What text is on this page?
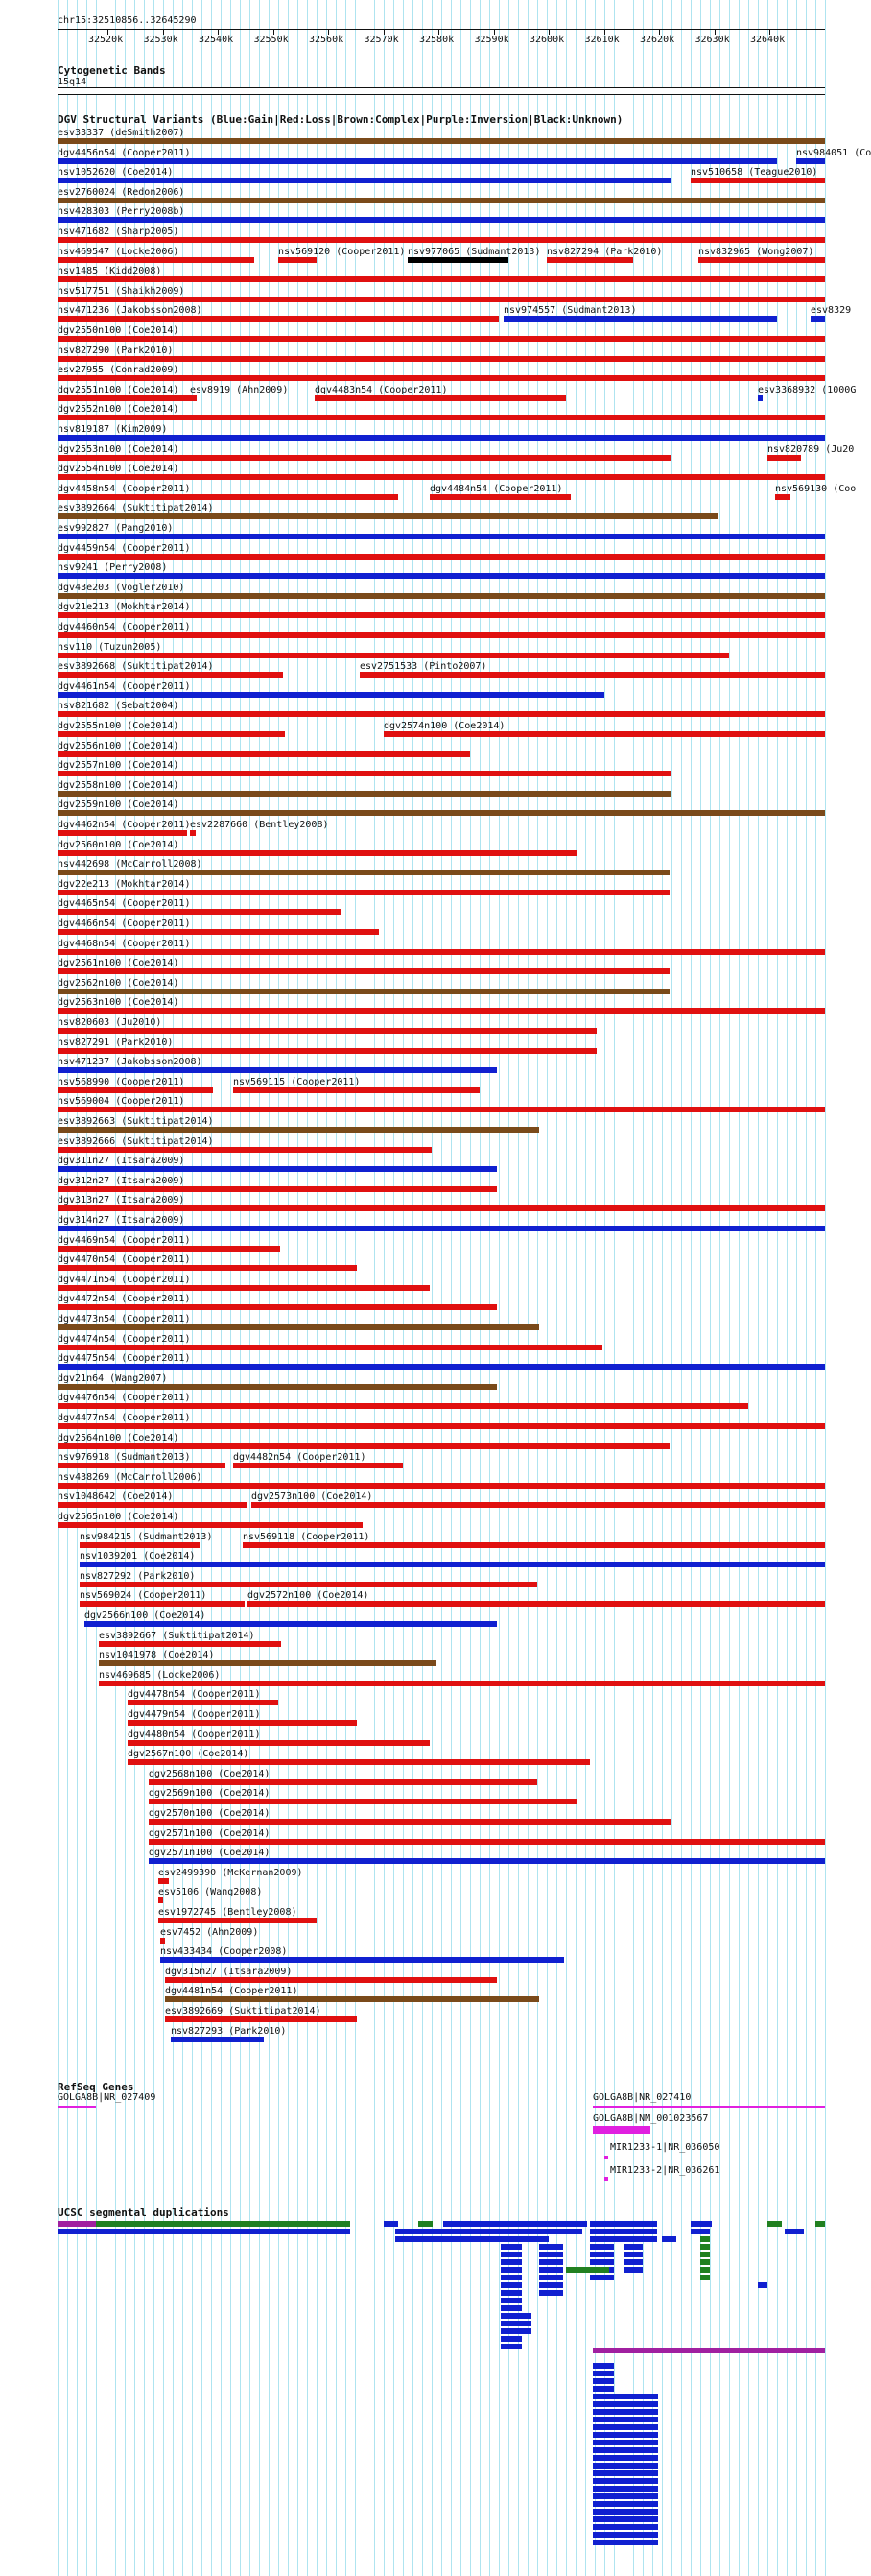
chr15:32510856..32645290
32520k 32530k 32540k 32550k 32560k 32570k 32580k 32590k 32600k 32610k 32620k 32630k 32640k
Cytogenetic Bands
15q14
DGV Structural Variants (Blue:Gain|Red:Loss|Brown:Complex|Purple:Inversion|Black:Unknown)
esv33337 (deSmith2007)
dgv4456n54 (Cooper2011)	nsv984051 (Co
nsv1052620 (Coe2014)	nsv510658 (Teague2010)
esv2760024 (Redon2006)
nsv428303 (Perry2008b)
nsv471682 (Sharp2005)
nsv469547 (Locke2006)	nsv569120 (Cooper2011) nsv977065 (Sudmant2013) nsv827294 (Park2010)	nsv832965 (Wong2007)
nsv1485 (Kidd2008)
nsv517751 (Shaikh2009)
nsv471236 (Jakobsson2008)	nsv974557 (Sudmant2013)	esv8329
dgv2550n100 (Coe2014)
nsv827290 (Park2010)
esv27955 (Conrad2009)
dgv2551n100 (Coe2014) esv8919 (Ahn2009)	dgv4483n54 (Cooper2011)	esv3368932 (1000G
dgv2552n100 (Coe2014)
nsv819187 (Kim2009)
dgv2553n100 (Coe2014)	nsv820789 (Ju20
dgv2554n100 (Coe2014)
dgv4458n54 (Cooper2011)	dgv4484n54 (Cooper2011)	nsv569130 (Coo
esv3892664 (Suktitipat2014)
esv992827 (Pang2010)
dgv4459n54 (Cooper2011)
nsv9241 (Perry2008)
dgv43e203 (Vogler2010)
dgv21e213 (Mokhtar2014)
dgv4460n54 (Cooper2011)
nsv110 (Tuzun2005)
esv3892668 (Suktitipat2014)	esv2751533 (Pinto2007)
dgv4461n54 (Cooper2011)
nsv821682 (Sebat2004)
dgv2555n100 (Coe2014)	dgv2574n100 (Coe2014)
dgv2556n100 (Coe2014)
dgv2557n100 (Coe2014)
dgv2558n100 (Coe2014)
dgv2559n100 (Coe2014)
dgv4462n54 (Cooper2011) esv2287660 (Bentley2008)
dgv2560n100 (Coe2014)
nsv442698 (McCarroll2008)
dgv22e213 (Mokhtar2014)
dgv4465n54 (Cooper2011)
dgv4466n54 (Cooper2011)
dgv4468n54 (Cooper2011)
dgv2561n100 (Coe2014)
dgv2562n100 (Coe2014)
dgv2563n100 (Coe2014)
nsv820603 (Ju2010)
nsv827291 (Park2010)
nsv471237 (Jakobsson2008)
nsv568990 (Cooper2011)	nsv569115 (Cooper2011)
nsv569004 (Cooper2011)
esv3892663 (Suktitipat2014)
esv3892666 (Suktitipat2014)
dgv311n27 (Itsara2009)
dgv312n27 (Itsara2009)
dgv313n27 (Itsara2009)
dgv314n27 (Itsara2009)
dgv4469n54 (Cooper2011)
dgv4470n54 (Cooper2011)
dgv4471n54 (Cooper2011)
dgv4472n54 (Cooper2011)
dgv4473n54 (Cooper2011)
dgv4474n54 (Cooper2011)
dgv4475n54 (Cooper2011)
dgv21n64 (Wang2007)
dgv4476n54 (Cooper2011)
dgv4477n54 (Cooper2011)
dgv2564n100 (Coe2014)
nsv976918 (Sudmant2013)	dgv4482n54 (Cooper2011)
nsv438269 (McCarroll2006)
nsv1048642 (Coe2014)	dgv2573n100 (Coe2014)
dgv2565n100 (Coe2014)
nsv984215 (Sudmant2013)	nsv569118 (Cooper2011)
nsv1039201 (Coe2014)
nsv827292 (Park2010)
nsv569024 (Cooper2011)	dgv2572n100 (Coe2014)
dgv2566n100 (Coe2014)
esv3892667 (Suktitipat2014)
nsv1041978 (Coe2014)
nsv469685 (Locke2006)
dgv4478n54 (Cooper2011)
dgv4479n54 (Cooper2011)
dgv4480n54 (Cooper2011)
dgv2567n100 (Coe2014)
dgv2568n100 (Coe2014)
dgv2569n100 (Coe2014)
dgv2570n100 (Coe2014)
dgv2571n100 (Coe2014)
dgv2571n100 (Coe2014)
esv2499390 (McKernan2009)
esv5106 (Wang2008)
esv1972745 (Bentley2008)
esv7452 (Ahn2009)
nsv433434 (Cooper2008)
dgv315n27 (Itsara2009)
dgv4481n54 (Cooper2011)
esv3892669 (Suktitipat2014)
nsv827293 (Park2010)
RefSeq Genes
GOLGA8B|NR_027409	GOLGA8B|NR_027410
GOLGA8B|NM_001023567
MIR1233-1|NR_036050
MIR1233-2|NR_036261
UCSC segmental duplications
